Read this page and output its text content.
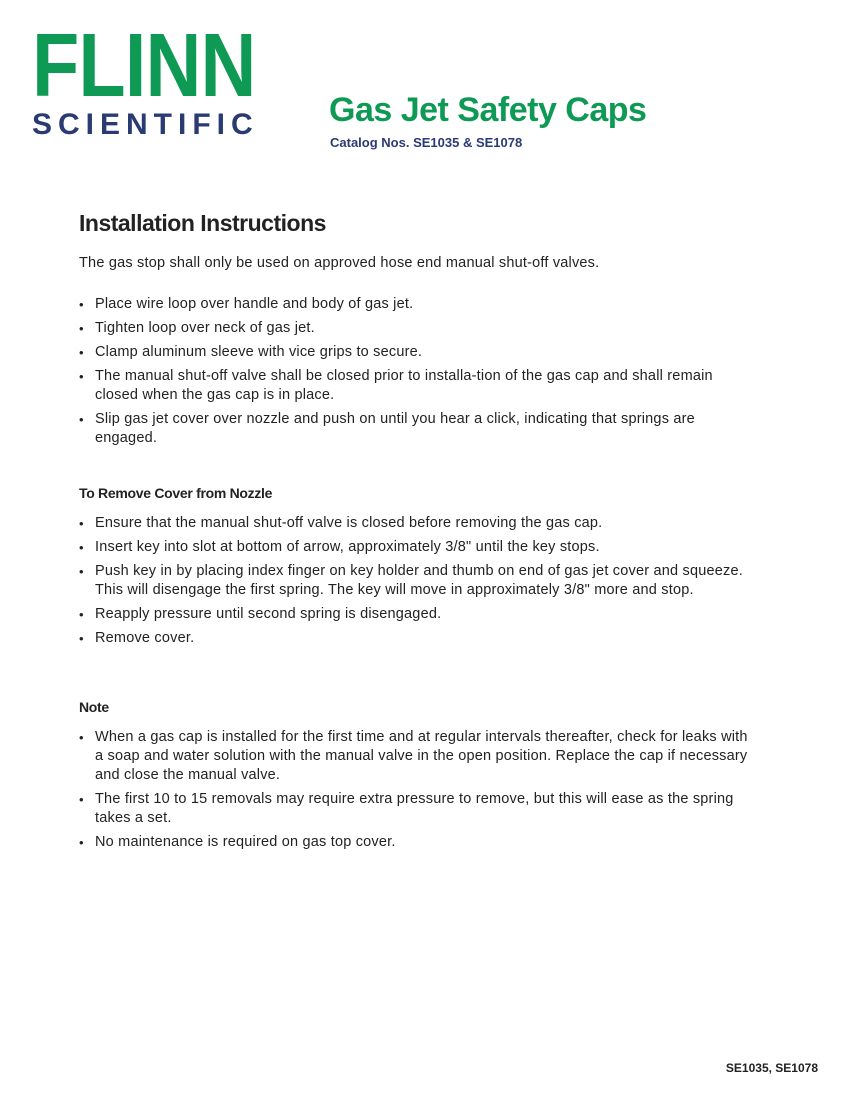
FLINN
SCIENTIFIC	Gas Jet Safety Caps
Catalog Nos. SE1035 & SE1078
Installation Instructions

The gas stop shall only be used on approved hose end manual shut-off valves.

• Place wire loop over handle and body of gas jet.
• Tighten loop over neck of gas jet.
• Clamp aluminum sleeve with vice grips to secure.
• The manual shut-off valve shall be closed prior to installa-tion of the gas cap and shall remain closed when the gas cap is in place.
• Slip gas jet cover over nozzle and push on until you hear a click, indicating that springs are engaged.
To Remove Cover from Nozzle
• Ensure that the manual shut-off valve is closed before removing the gas cap.
• Insert key into slot at bottom of arrow, approximately 3/8" until the key stops.
• Push key in by placing index finger on key holder and thumb on end of gas jet cover and squeeze. This will disengage the first spring. The key will move in approximately 3/8" more and stop.
• Reapply pressure until second spring is disengaged.
• Remove cover.
Note
• When a gas cap is installed for the first time and at regular intervals thereafter, check for leaks with a soap and water solution with the manual valve in the open position. Replace the cap if necessary and close the manual valve.
• The first 10 to 15 removals may require extra pressure to remove, but this will ease as the spring takes a set.
• No maintenance is required on gas top cover.
SE1035, SE1078
